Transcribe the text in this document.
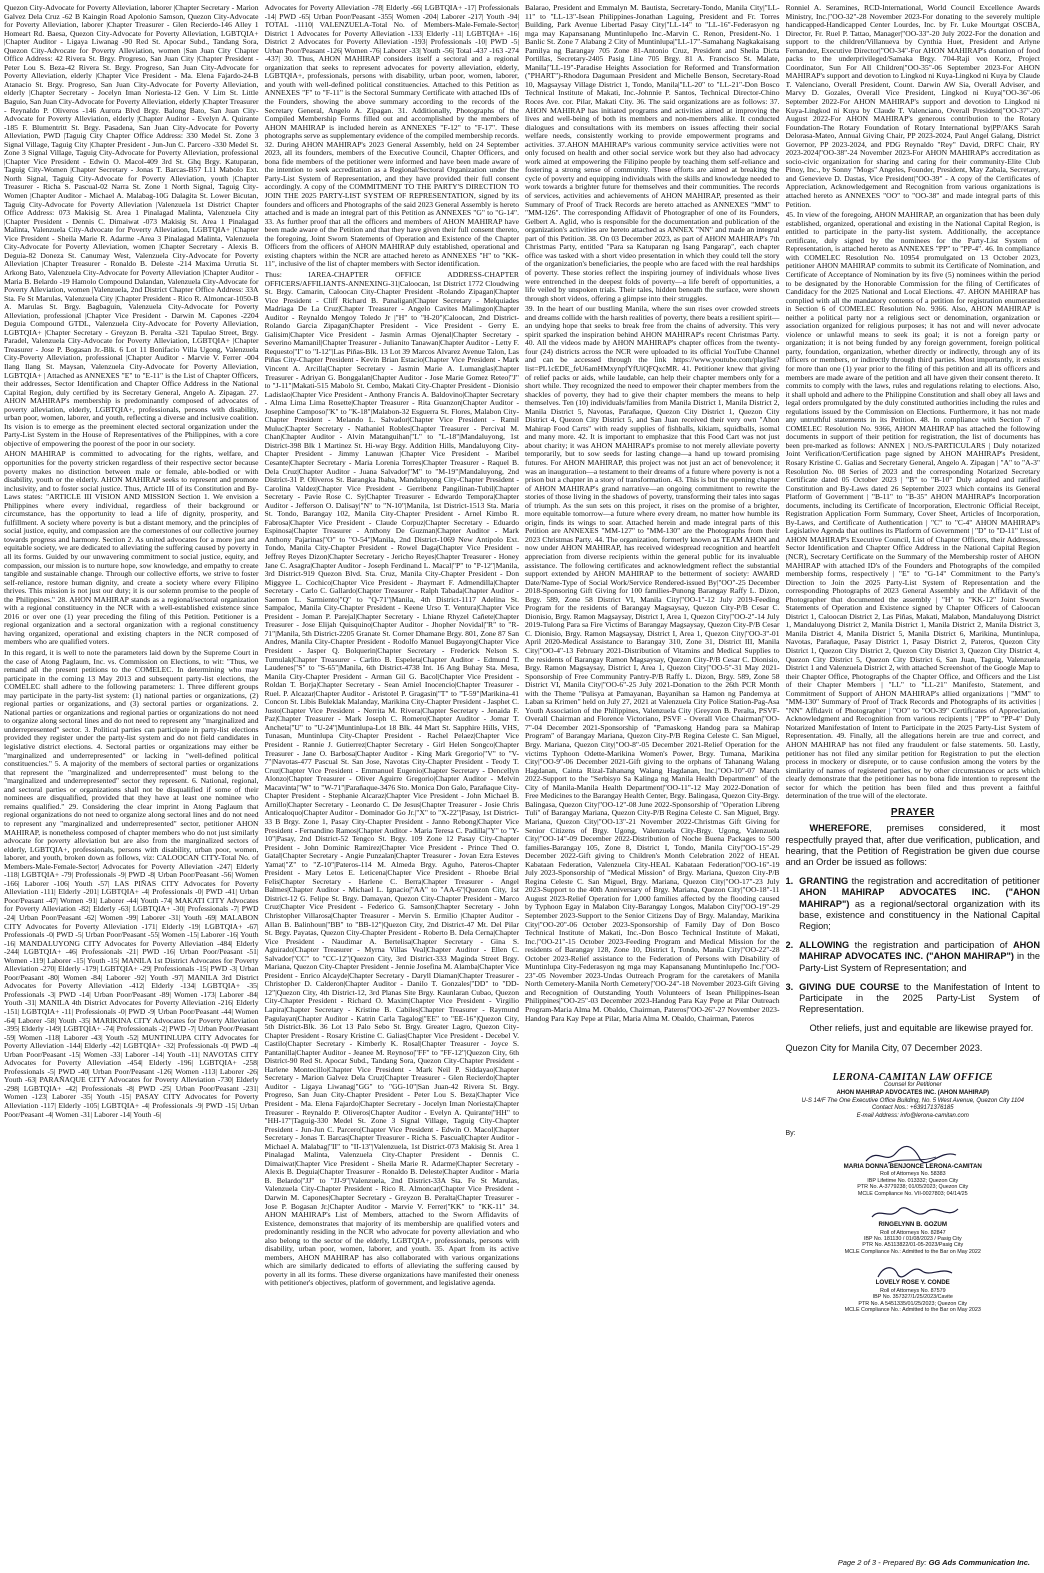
Quezon City-Advocate for Poverty Alleviation, laborer |Chapter Secretary - Marion Galvez Dela Cruz -62 B Kaingin Road Apolonio Samson, Quezon City-Advocate for Poverty Alleviation, laborer |Chapter Treasurer - Glen Recierdo-146 Alley 1 Homeart Rd. Baesa, Quezon City-Advocate for Poverty Alleviation, LGBTQIA+ |Chapter Auditor - Ligaya Liwanag -90 Red St. Apocar Subd., Tandang Sora, Quezon City-Advocate for Poverty Alleviation, women |San Juan City Chapter Office Address: 42 Rivera St. Brgy. Progreso, San Juan City |Chapter President - Peter Lou S. Beza-42 Rivera St. Brgy. Progreso, San Juan City-Advocate for Poverty Alleviation, elderly |Chapter Vice President - Ma. Elena Fajardo-24-B Atanacio St. Brgy. Progreso, San Juan City-Advocate for Poverty Alleviation, elderly |Chapter Secretary - Jocelyn Iman Noriesta-12 Gen. V Lim St. Little Baguio, San Juan City-Advocate for Poverty Alleviation, elderly |Chapter Treasurer - Reynaldo P. Oliveros -146 Aurora Blvd Brgy. Balong Bato, San Juan City-Advocate for Poverty Alleviation, elderly |Chapter Auditor - Evelyn A. Quirante -185 F. Blumentritt St. Brgy. Pasadena, San Juan City-Advocate for Poverty Alleviation, PWD |Taguig City Chapter Office Address: 330 Medel St. Zone 3 Signal Village, Taguig City |Chapter President - Jun-Jun C. Parcero -330 Medel St. Zone 3 Signal Village, Taguig City-Advocate for Poverty Alleviation, professional |Chapter Vice President - Edwin O. Macol-409 3rd St. Ghq Brgy. Katuparan, Taguig City-Women |Chapter Secretary - Jonas T. Barcas-B57 L11 Mabolo Ext. North Signal, Taguig City-Advocate for Poverty Alleviation, youth |Chapter Treasurer - Richa S. Pascual-02 Narra St. Zone 1 North Signal, Taguig City-Women |Chapter Auditor - Michael A. Malabag-10G Dalagita St. Lower Bicutan, Taguig City-Advocate for Poverty Alleviation |Valenzuela 1st District Chapter Office Address: 073 Makisig St. Area 1 Pinalagad Malinta, Valenzuela City |Chapter President - Dennis C. Dimaiwat -073 Makisig St. Area 1 Pinalagad Malinta, Valenzuela City-Advocate for Poverty Alleviation, LGBTQIA+ |Chapter Vice President - Sheila Marie R. Adarme -Area 3 Pinalagad Malinta, Valenzuela City-Advocate for Poverty Alleviation, women |Chapter Secretary - Alexis B. Deguia-82 Doneza St. Canumay West, Valenzuela City-Advocate for Poverty Alleviation |Chapter Treasurer - Ronaldo B. Deleste -214 Maxima Urrutia St. Arkong Bato, Valenzuela City-Advocate for Poverty Alleviation |Chapter Auditor - Maria B. Belardo -19 Hamolo Compound Dalandan, Valenzuela City-Advocate for Poverty Alleviation, women |Valenzuela, 2nd District Chapter Office Address: 33A Sta. Fe St Marulas, Valenzuela City |Chapter President - Rico R. Almoncar-1050-B A. Marulas St. Brgy. Bagbaguin, Valenzuela City-Advocate for Poverty Alleviation, professional |Chapter Vice President - Darwin M. Capones -2204 Deguia Compound GTDL, Valenzuela City-Advocate for Poverty Alleviation, LGBTQIA+ |Chapter Secretary - Greyzon B. Peralta -321 Tapulao Street, Brgy. Paradel, Valenzuela City-Advocate for Poverty Alleviation, LGBTQIA+ |Chapter Treasurer - Jose P. Bogasan Jr.-Blk. 6 Lot 11 Bonifacio Villa Ugong, Valenzuela City-Poverty Alleviation, professional |Chapter Auditor - Marvie V. Ferrer -004 Ilang Ilang St. Maysan, Valenzuela City-Advocate for Poverty Alleviation, LGBTQIA+ | Attached as ANNEXES "E" to "E-11" is the List of Chapter Officers, their addresses, Sector Identification and Chapter Office Address in the National Capital Region, duly certified by its Secretary General, Angelo A. Zipagan. 27. AHON MAHIRAP's membership is predominantly composed of advocates of poverty alleviation, elderly, LGBTQIA+, professionals, persons with disability, urban poor, women, laborer, and youth, reflecting a diverse and inclusive coalition. Its vision is to emerge as the preeminent elected sectoral organization under the Party-List System in the House of Representatives of the Philippines, with a core objective of empowering the poorest of the poor in our society.

AHON MAHIRAP is committed to advocating for the rights, welfare, and opportunities for the poverty stricken regardless of their respective sector because poverty makes no distinction between male or female, able-bodied or with disability, youth or the elderly. AHON MAHIRAP seeks to represent and promote inclusivity, and to foster social justice. Thus, Article III of its Constitution and By-Laws states: "ARTICLE III VISION AND MISSION Section 1. We envision a Philippines where every individual, regardless of their background or circumstance, has the opportunity to lead a life of dignity, prosperity, and fulfillment. A society where poverty is but a distant memory, and the principles of social justice, equity, and compassion are the cornerstones of our collective journey towards progress and harmony. Section 2. As united advocates for a more just and equitable society, we are dedicated to alleviating the suffering caused by poverty in all its forms. Guided by our unwavering commitment to social justice, equity, and compassion, our mission is to nurture hope, sow knowledge, and empathy to create tangible and sustainable change. Through our collective efforts, we strive to foster self-reliance, restore human dignity, and create a society where every Filipino thrives. This mission is not just our duty; it is our solemn promise to the people of the Philippines." 28. AHON MAHIRAP stands as a regional/sectoral organization with a regional constituency in the NCR with a well-established existence since 2016 or over one (1) year preceding the filing of this Petition. Petitioner is a regional organization and a sectoral organization with a regional constituency having organized, operational and existing chapters in the NCR composed of members who are qualified voters.

In this regard, it is well to note the parameters laid down by the Supreme Court in the case of Atong Paglaum, Inc. vs. Commission on Elections, to wit: "Thus, we remand all the present petitions to the COMELEC. In determining who may participate in the coming 13 May 2013 and subsequent party-list elections, the COMELEC shall adhere to the following parameters: 1. Three different groups may participate in the party-list system: (1) national parties or organizations, (2) regional parties or organizations, and (3) sectoral parties or organizations. 2. National parties or organizations and regional parties or organizations do not need to organize along sectoral lines and do not need to represent any "marginalized and underrepresented" sector. 3. Political parties can participate in party-list elections provided they register under the party-list system and do not field candidates in legislative district elections. 4. Sectoral parties or organizations may either be "marginalized and underrepresented" or lacking in "well-defined political constituencies." 5. A majority of the members of sectoral parties or organizations that represent the "marginalized and underrepresented" must belong to the "marginalized and underrepresented" sector they represent. 6. National, regional, and sectoral parties or organizations shall not be disqualified if some of their nominees are disqualified, provided that they have at least one nominee who remains qualified." 29. Considering the clear imprint in Atong Paglaum that regional organizations do not need to organize along sectoral lines and do not need to represent any "marginalized and underrepresented" sector, petitioner AHON MAHIRAP, is nonetheless composed of chapter members who do not just similarly advocate for poverty alleviation but are also from the marginalized sectors of elderly, LGBTQIA+, professionals, persons with disability, urban poor, women, laborer, and youth, broken down as follows, viz: CALOOCAN CITY-Total No. of Members-Male-Female-Sector| Advocates for Poverty Alleviation -247| Elderly -118| LGBTQIA+ -79| Professionals -9| PWD -8| Urban Poor/Peasant -56| Women -166| Laborer -106| Youth -57| LAS PIÑAS CITY Advocates for Poverty Alleviation -111| Elderly -201| LGBTQIA+ -4| Professionals -0| PWD -41| Urban Poor/Peasant -47| Women -91| Laborer -44| Youth -74| MAKATI CITY Advocates for Poverty Alleviation -82| Elderly -63| LGBTQIA+ -30| Professionals -7| PWD -24| Urban Poor/Peasant -62| Women -99| Laborer -31| Youth -69| MALABON CITY Advocates for Poverty Alleviation -171| Elderly -19| LGBTQIA+ -67| Professionals -0| PWD -5| Urban Poor/Peasant -55| Women -15| Laborer -16| Youth -16| MANDALUYONG CITY Advocates for Poverty Alleviation -484| Elderly -244| LGBTQIA+ -46| Professionals -21| PWD -16| Urban Poor/Peasant -51| Women -119| Laborer -15| Youth -15| MANILA 1st District Advocates for Poverty Alleviation -270| Elderly -179| LGBTQIA+ -29| Professionals -15| PWD -3| Urban Poor/Peasant -80| Women -84| Laborer -92| Youth -97| MANILA 3rd District Advocates for Poverty Alleviation -412| Elderly -134| LGBTQIA+ -35| Professionals -3| PWD -14| Urban Poor/Peasant -89| Women -173| Laborer -84| Youth -31| MANILA 4th District Advocates for Poverty Alleviation -216| Elderly -151| LGBTQIA+ -11| Professionals -0| PWD -9| Urban Poor/Peasant -44| Women -64| Laborer -58| Youth -35| MARIKINA CITY Advocates for Poverty Alleviation -395| Elderly -149| LGBTQIA+ -74| Professionals -2| PWD -7| Urban Poor/Peasant -59| Women -118| Laborer -43| Youth -52| MUNTINLUPA CITY Advocates for Poverty Alleviation -144| Elderly -42| LGBTQIA+ -32| Professionals -0| PWD -4| Urban Poor/Peasant -15| Women -33| Laborer -14| Youth -11| NAVOTAS CITY Advocates for Poverty Alleviation -454| Elderly -196| LGBTQIA+ -258| Professionals -5| PWD -40| Urban Poor/Peasant -126| Women -113| Laborer -26| Youth -63| PARAÑAQUE CITY Advocates for Poverty Alleviation -730| Elderly -298| LGBTQIA+ -42| Professionals -8| PWD -25| Urban Poor/Peasant -231| Women -123| Laborer -35| Youth -15| PASAY CITY Advocates for Poverty Alleviation -117| Elderly -105| LGBTQIA+ -4| Professionals -9| PWD -15| Urban Poor/Peasant -4| Women -31| Laborer -14| Youth -6|

Advocates for Poverty Alleviation -78| Elderly -66| LGBTQIA+ -17| Professionals -14| PWD -65| Urban Poor/Peasant -355| Women -204| Laborer -217| Youth -94| TOTAL -1110| VALENZUELA-Total No. of Members-Male-Female-Sector| District 1 Advocates for Poverty Alleviation -133| Elderly -11| LGBTQIA+ -16| District 2 Advocates for Poverty Alleviation -193| Professionals -10| PWD -5| Urban Poor/Peasant -126| Women -76| Laborer -33| Youth -56| Total -437 -163 -274 -437| 30. Thus, AHON MAHIRAP considers itself a sectoral and a regional organization that seeks to represent advocates for poverty alleviation, elderly, LGBTQIA+, professionals, persons with disability, urban poor, women, laborer, and youth with well-defined political constituencies. Attached to this Petition as ANNEXES "F" to "F-11" is the Sectoral Summary Certificate with attached IDs of the Founders, showing the above summary according to the records of the Secretary General, Angelo A. Zipagan. 31. Additionally, Photographs of the Compiled Membership Forms filled out and accomplished by the members of AHON MAHIRAP is included herein as ANNEXES "F-12" to "F-17". These photographs serve as supplementary evidence of the compiled membership records. 32. During AHON MAHIRAP's 2023 General Assembly, held on 24 September 2023, all its founders, members of the Executive Council, Chapter Officers, and bona fide members of the petitioner were informed and have been made aware of the intention to seek accreditation as a Regional/Sectoral Organization under the Party-List System of Representation, and they have provided their full consent accordingly. A copy of the COMMITMENT TO THE PARTY'S DIRECTION TO JOIN THE 2025 PARTY-LIST SYSTEM OF REPRESENTATION, signed by its founders and officers and Photographs of the said 2023 General Assembly is hereto attached and is made an integral part of this Petition as ANNEXES "G" to "G-14". 33. As further proof that all the officers and members of AHON MAHIRAP have been made aware of the Petition and that they have given their full consent thereto, the foregoing, Joint Sworn Statements of Operation and Existence of the Chapter Officers from the officers of AHON MAHIRAP duly established, operational and existing chapters within the NCR are attached hereto as ANNEXES "H" to "KK-11", inclusive of the list of chapter members with Sector identification.

Thus: IAREA-CHAPTER OFFICE ADDRESS-CHAPTER OFFICERS/AFFILIANTS-ANNEXING-31|Caloocan, 1st District 1772 Cloudwing St. Brgy. Camarin, Caloocan City-Chapter President -Rolando Zipagan|Chapter Vice President - Cliff Richard B. Panaligan|Chapter Secretary - Melquiades Madriaga De La Cruz|Chapter Treasurer - Angelo Cavites Malimgon|Chapter Auditor - Reynaldo Mengoy Toledo Jr |"H" to "H-20"|Caloocan, 2nd District-Rolando Garcia Zipagan|Chapter President - Vice President - Gerry E. Galisim|Chapter Vice President - Jasmin Armas Ojenal|Chapter Secretary - Severino Mamanil|Chapter Treasurer - Julianito Tanawan|Chapter Auditor - Letty F. Requesto|"I" to "I-12"|Las Piñas-Blk. 13 Lot 39 Marcos Alvarez Avenue Talon, Las Piñas City-Chapter President - Kevin Brian Estacio|Chapter Vice President - Mark Vincent A. Arcilla|Chapter Secretary - Jasmin Marie A. Lumanglas|Chapter Treasurer - Adriyan G. Bonggalan|Chapter Auditor - Jose Marie Gomez Reteo|"J" to "J-11"|Makati-515 Mabolo St. Cembo, Makati City-Chapter President - Dionisio Ladislao|Chapter Vice President - Anthony Francis A. Baldovino|Chapter Secretary - Alma Lima Lima Rosette|Chapter Treasurer - Rita Guanzon|Chapter Auditor - Josephine Camposo|"K" to "K-18"|Malabon-32 Esguerra St. Flores, Malabon City-Chapter President - Melando L. Salvador|Chapter Vice President - Ramil Muluc|Chapter Secretary - Nathaniel Robles|Chapter Treasurer - Percival M. Chan|Chapter Auditor - Alvin Matanguihan|"L" to "L-18"|Mandaluyong, 1st District-398 Blk 1 Martinez St. Hi-way Brgy. Addition Hills, Mandaluyong City-Chapter President - Jimmy Lanuwan |Chapter Vice President - Maribel Cesante|Chapter Secretary - Maria Lorenia Torres|Chapter Treasurer - Raquel B. Dela Cruz|Chapter Auditor - Juana Salvador|"M" to "M-19"|Mandaluyong, 2nd District-31 P. Oliveros St. Barangka Ibaba, Mandaluyong City-Chapter President - Carolina Valdez|Chapter Vice President - Gerribenz Pangilinan-Tubil|Chapter Secretary - Pavie Rose C. Sy|Chapter Treasurer - Edwardo Tempora|Chapter Auditor - Jefferson O. Dalisay|"N" to "N-10"|Manila, 1st District-1513 Sta. Maria St. Tondo, Barangay 102, Manila City-Chapter President - Arnel Kimbo R. Fabrosa|Chapter Vice President - Claude Corpuz|Chapter Secretary - Eduardo Espinosa|Chapter Treasurer - Anthony De Guzman|Chapter Auditor - Mark Anthony Pajarinas|"O" to "O-54"|Manila, 2nd District-1069 New Antipolo Ext. Tondo, Manila City-Chapter President - Rowel Daga|Chapter Vice President - Jeffrey Reyes Dizon|Chapter Secretary - Jericho Reyes|Chapter Treasurer - Honey Jane C. Asagra|Chapter Auditor - Joseph Ferdinand L. Macal|"P" to "P-12"|Manila, 3rd District-919 Quezon Blvd. Sta. Cruz, Manila City-Chapter President - Don Miggyee L. Cochico|Chapter Vice President - Jhaymart F. Admendilla|Chapter Secretary - Carlo C. Gallardo|Chapter Treasurer - Ralph Tabada|Chapter Auditor - Saemon L. Sarmiento|"Q" to "Q-71"|Manila, 4th District-1117 Adelina St. Sampaloc, Manila City-Chapter President - Keene Urso T. Ventura|Chapter Vice President - Joman P. Parejal|Chapter Secretary - Lhiane Rhyzel Cañete|Chapter Treasurer - Jose Elijah Quisquino|Chapter Auditor - Jhopher Novidal|"R" to "R-71"|Manila, 5th District-2205 Granate St. Corner Dhamane Brgy. 801, Zone 87 San Andres, Manila City-Chapter President - Rodolfo Manuel Bugayong|Chapter Vice President - Jasper Q. Bolquerin|Chapter Secretary - Frederick Nelson S. Tumulak|Chapter Treasurer - Carlito B. Espeleta|Chapter Auditor - Edmund T. Laudenes|"S" to "S-65"|Manila, 6th District-4738 Int. 16 Ang Buhay Sta. Mesa, Manila City-Chapter President - Arman Gil G. Bacol|Chapter Vice President - Roldan T. Borja|Chapter Secretary - Sean Amiel Inocencio|Chapter Treasurer - Ruel. P. Alcazar|Chapter Auditor - Aristotel P. Gragasin|"T" to "T-59"|Marikina-41 Concon St. Libis Buleklak Malanday, Marikina City-Chapter President - Jasphet C. Justo|Chapter Vice President - Nerrita M. Rivera|Chapter Secretary - Jenaida F. Paz|Chapter Treasurer - Mark Joseph C. Romero|Chapter Auditor - Jomar T. Ancheta|"U" to "U-24"|Muntinlupa-Lot 18 Blk. 44 Mart St. Sapphire Hills, VHS, Tunasan, Muntinlupa City-Chapter President - Rachel Pelaez|Chapter Vice President - Rannie J. Gutierrez|Chapter Secretary - Girl Helen Songco|Chapter Treasurer - Jane O. Barbosa|Chapter Auditor - King Mark Gregorio|"V" to "V-7"|Navotas-477 Pascual St. San Jose, Navotas City-Chapter President - Teody T. Cruz|Chapter Vice President - Emmanuel Eugenio|Chapter Secretary - Dencellyn Alonzo|Chapter Treasurer - Oliver Aguirre Gregorio|Chapter Auditor - Melvin Macavinta|"W" to "W-71"|Parañaque-3476 Sto. Monica Don Galo, Parañaque City-Chapter President - Stephanie Alcaraz|Chapter Vice President - John Michael B. Arnillo|Chapter Secretary - Leonardo C. De Jesus|Chapter Treasurer - Josie Chris Anticaloquo|Chapter Auditor - Dominador Go Jr.|"X" to "X-22"|Pasay, 1st District-33 B Brgy. Zone 1, Pasay City-Chapter President - Janno Rebong|Chapter Vice President - Fernandino Ramos|Chapter Auditor - Maria Teresa C. Padilla|"Y" to "Y-10"|Pasay, 2nd District-52 Tengco St. Brgy. 109 Zone 12 Pasay City-Chapter President - John Dominic Ramirez|Chapter Vice President - Prince Thed O. Gatal|Chapter Secretary - Angie Punzalan|Chapter Treasurer - Jovan Ezra Esteves Yamat|"Z" to "Z-10"|Pateros-114 M. Almeda Brgy. Aguho, Pateros-Chapter President - Mary Letos E. Leticena|Chapter Vice President - Rhoebe Brial Felis|Chapter Secretary - Harlene C. Berra|Chapter Treasurer - Angel Balmes|Chapter Auditor - Michael L. Ignacio|"AA" to "AA-6"|Quezon City, 1st District-12 G. Felipe St. Brgy. Damayan, Quezon City-Chapter President - Marco Cruz|Chapter Vice President - Federico G. Samson|Chapter Secretary - John Christopher Villarosa|Chapter Treasurer - Mervin S. Ermilio |Chapter Auditor - Allan B. Balinhoun|"BB" to "BB-12"|Quezon City, 2nd District-47 Mt. Del Pilar St. Brgy. Payatas, Quezon City-Chapter President - Roberto B. Dela Cerna|Chapter Vice President - Naudimar A. Bertelisa|Chapter Secretary - Gina S. Aguirado|Chapter Treasurer - Myrna Villas Veal|Chapter Auditor - Ellen C. Salvador|"CC" to "CC-12"|Quezon City, 3rd District-333 Maginda Street Brgy. Mariana, Quezon City-Chapter President - Jennie Josefina M. Alamba|Chapter Vice President - Enrico Alcayde|Chapter Secretary - Daryll Diaman|Chapter Treasurer - Christopher D. Calderon|Chapter Auditor - Danilo T. Gonzales|"DD" to "DD-12"|Quezon City, 4th District-12, 3rd Planas Site Brgy. Kaunlaran Cubao, Quezon City-Chapter President - Richard O. Maxim|Chapter Vice President - Virgilio Lapira|Chapter Secretary - Kristine B. Cabiles|Chapter Treasurer - Raymund Pagulayan|Chapter Auditor - Katrin Carla Tagalog|"EE" to "EE-16"|Quezon City, 5th District-Blk. 36 Lot 13 Palo Sebo St. Brgy. Greater Lagro, Quezon City-Chapter President - Rosary Kristine C. Galias|Chapter Vice President - Decebel V. Castilo|Chapter Secretary - Kimberly K. Rosal|Chapter Treasurer - Joyce S. Pantanilla|Chapter Auditor - Jeanee M. Reynoso|"FF" to "FF-12"|Quezon City, 6th District-90 Red St. Apocar Subd., Tandang Sora, Quezon City-Chapter President - Harlene Montecillo|Chapter Vice President - Mark Neil P. Siddayao|Chapter Secretary - Marion Galvez Dela Cruz|Chapter Treasurer - Glen Recierdo|Chapter Auditor - Ligaya Liwanag|"GG" to "GG-10"|San Juan-42 Rivera St. Brgy. Progreso, San Juan City-Chapter President - Peter Lou S. Beza|Chapter Vice President - Ma. Elena Fajardo|Chapter Secretary - Jocelyn Iman Noriesta|Chapter Treasurer - Reynaldo P. Oliveros|Chapter Auditor - Evelyn A. Quirante|"HH" to "HH-17"|Taguig-330 Medel St. Zone 3 Signal Village, Taguig City-Chapter President - Jun-Jun C. Parcero|Chapter Vice President - Edwin O. Macol|Chapter Secretary - Jonas T. Barcas|Chapter Treasurer - Richa S. Pascual|Chapter Auditor - Michael A. Malabag|"II" to "II-13"|Valenzuela, 1st District-073 Makisig St. Area 1 Pinalagad Malinta, Valenzuela City-Chapter President - Dennis C. Dimaiwat|Chapter Vice President - Sheila Marie R. Adarme|Chapter Secretary - Alexis B. Deguia|Chapter Treasurer - Ronaldo B. Deleste|Chapter Auditor - Maria B. Belardo|"JJ" to "JJ-9"|Valenzuela, 2nd District-33A Sta. Fe St Marulas, Valenzuela City-Chapter President - Rico R. Almoncar|Chapter Vice President - Darwin M. Capones|Chapter Secretary - Greyzon B. Peralta|Chapter Treasurer - Jose P. Bogasan Jr.|Chapter Auditor - Marvie V. Ferrer|"KK" to "KK-11" 34. AHON MAHIRAP's List of Members, attached to the Sworn Affidavits of Existence, demonstrates that majority of its membership are qualified voters and predominantly residing in the NCR who advocate for poverty alleviation and who also belong to the sector of the elderly, LGBTQIA+, professionals, persons with disability, urban poor, women, laborer, and youth. 35. Apart from its active members, AHON MAHIRAP has also collaborated with various organizations which are similarly dedicated to efforts of alleviating the suffering caused by poverty in all its forms. These diverse organizations have manifested their oneness with petitioner's objectives, platform of government, and legislative agenda.

Balarao, President and Emmalyn M. Bautista, Secretary-Tondo, Manila City|"LL-11" to "LL-13"-Isean Philippines-Jonathan Laguing, President and Fr. Torres Building, Park Avenue Libertad Pasay City|"LL-14" to "LL-16"-Federasyon ng mga may Kapansanang Muntinlupeño Inc.-Marvin C. Renon, President-No. 1 Banlic St. Zone 7 Alabang 2 City of Muntinlupa|"LL-17"-Samahang Nagkakaisang Pamilya ng Barangay 705 Zone 81-Antonio Cruz, President and Sheila Dicta Portillas, Secretary-2405 Pasig Line 705 Brgy. 81 A. Francisco St. Malate, Manila|"LL-19"-Paradise Heights Association for Reformed and Transformation ("PHART")-Rhodora Dagumaan President and Michelle Benson, Secretary-Road 10, Magsaysay Village District 1, Tondo, Manila|"LL-20" to "LL-21"-Don Bosco Technical Institute of Makati, Inc.-Johnnie P. Santos, Technical Director-Chino Roces Ave. cor. Pilar, Makati City. 36. The said organizations are as follows: 37. AHON MAHIRAP has initiated programs and activities aimed at improving the lives and well-being of both its members and non-members alike. It conducted dialogues and consultations with its members on issues affecting their social welfare needs, consistently working to provide empowerment programs and activities. 37.AHON MAHIRAP's various community service activities were not only focused on health and other social service work but they also had advocacy work aimed at empowering the Filipino people by teaching them self-reliance and fostering a strong sense of community. These efforts are aimed at breaking the cycle of poverty and equipping individuals with the skills and knowledge needed to work towards a brighter future for themselves and their communities. The records of services, activities and achievements of AHON MAHIRAP, presented as their Summary of Proof of Track Records are hereto attached as ANNEXES "MM" to "MM-126". The corresponding Affidavit of Photographer of one of its Founders, Gelbert A. Aglid, who is responsible for the documentation and publication of the organization's activities are hereto attached as ANNEX "NN" and made an integral part of this Petition. 38. On 03 December 2023, as part of AHON MAHIRAP's 7th Christmas Party, entitled "Para sa Katuparan ng Isang Pangarap", each chapter office was tasked with a short video presentation in which they could tell the story of the organization's beneficiaries, the people who are faced with the real hardships of poverty. These stories reflect the inspiring journey of individuals whose lives were entrenched in the deepest folds of poverty—a life bereft of opportunities, a life veiled by unspoken trials. Their tales, hidden beneath the surface, were shown through short videos, offering a glimpse into their struggles.

39. In the heart of our bustling Manila, where the sun rises over crowded streets and dreams collide with the harsh realities of poverty, there beats a resilient spirit—an undying hope that seeks to break free from the chains of adversity. This very spirit sparked the inspiration behind AHON MAHIRAP's recent Christmas Party. 40. All the videos made by AHON MAHIRAP's chapter offices from the twenty-four (24) districts across the NCR were uploaded to its official YouTube Channel and can be accessed through the link https://www.youtube.com/playlist?list=PL1cEDE_feU6amHMxynpfYfUiQFQxcMR. 41. Petitioner knew that giving of relief packs or aids, while laudable, can help their chapter members only for a short while. They recognized the need to empower their chapter members from the shackles of poverty, they had to give their chapter members the means to help themselves. Ten (10) individuals/families from Manila District 1, Manila District 2, Manila District 5, Navotas, Parañaque, Quezon City District 1, Quezon City District 4, Quezon City District 5, and San Juan received their very own "Ahon Mahirap Food Carts" with ready supplies of fishballs, kikiam, squidballs, isomal and many more. 42. It is important to emphasize that this Food Cart was not just about charity; it was AHON MAHIRAP's promise to not merely alleviate poverty temporarily, but to sow seeds for lasting change—a hand up toward promising futures. For AHON MAHIRAP, this project was not just an act of benevolence; it was an inauguration—a testament to their dreams of a future where poverty is not a prison but a chapter in a story of transformation. 43. This is but the opening chapter of AHON MAHIRAP's grand narrative—an ongoing commitment to rewrite the stories of those living in the shadows of poverty, transforming their tales into sagas of triumph. As the sun sets on this project, it rises on the promise of a brighter, more equitable tomorrow—a future where every dream, no matter how humble its origin, finds its wings to soar. Attached herein and made integral parts of this Petition are ANNEXES "MM-127" to "MM-130" are the Photographs from their 2023 Christmas Party. 44. The organization, formerly known as TEAM AHON and now under AHON MAHIRAP, has received widespread recognition and heartfelt appreciation from diverse recipients within the general public for its invaluable assistance. The following certificates and acknowledgment reflect the substantial support extended by AHON MAHIRAP to the betterment of society: AWARD Date/Name-Type of Social Work/Service Rendered-issued By|"OO"-25 December 2018-Sponsoring Gift Giving for 100 families-Punong Barangay Raffy L. Dizon, Brgy. 589, Zone 58 District VI, Manila City|"OO-1"-12 July 2019-Feeding Program for the residents of Barangay Magsaysay, Quezon City-P/B Cesar C. Dionisio, Brgy. Ramon Magsaysay, District I, Area 1, Quezon City|"OO-2"-14 July 2019-Tulong Para sa Fire Victims of Barangay Magsaysay, Quezon City-P/B Cesar C. Dionisio, Brgy. Ramon Magsaysay, District I, Area 1, Quezon City|"OO-3"-01 April 2020-Medical Assistance to Barangay 310, Zone 31, District III, Manila City|"OO-4"-13 February 2021-Distribution of Vitamins and Medical Supplies to the residents of Barangay Ramon Magsaysay, Quezon City-P/B Cesar C. Dionisio, Brgy. Ramon Magsaysay, District I, Area 1, Quezon City|"OO-5"-31 May 2021-Sponsorship of Free Community Pantry-P/B Raffy L. Dizon, Brgy. 589, Zone 58 District VI, Manila City|"OO-6"-25 July 2021-Donation to the 26th PCR Month with the Theme "Pulisya at Pamayanan, Bayanihan sa Hamon ng Pandemya at Laban sa Krimen" held on July 27, 2021 at Valenzuela City Police Station-Pag-Asa Youth Association of the Philippines, Valenzuela City |Greyzon B. Peralta, PSVF-Overall Chairman and Florence Victoriano, PSVF - Overall Vice Chairman|"OO-7"-04 December 2021-Sponsorship of "Pamaskong Handog para sa Mahirap Program" of Barangay Mariana, Quezon City-P/B Regina Celeste C. San Miguel, Brgy. Mariana, Quezon City|"OO-8"-05 December 2021-Relief Operation for the victims Typhoon Odette-Marikina Women's Power, Brgy. Tumana, Marikina City|"OO-9"-06 December 2021-Gift giving to the orphans of Tahanang Walang Hagdanan, Cainta Rizal-Tahanang Walang Hagdanan, Inc.|"OO-10"-07 March 2022-Support to the "Serbisyo Sa Kalinga ng Manila Health Department" of the City of Manila-Manila Health Department|"OO-11"-12 May 2022-Donation of Free Medicines to the Barangay Health Center, Brgy. Balingasa, Quezon City-Brgy. Balingasa, Quezon City|"OO-12"-08 June 2022-Sponsorship of "Operation Libreng Tuli" of Barangay Mariana, Quezon City-P/B Regina Celeste C. San Miguel, Brgy. Mariana, Quezon City|"OO-13"-21 November 2022-Christmas Gift Giving for Senior Citizens of Brgy. Ugong, Valenzuela City-Brgy. Ugong, Valenzuela City|"OO-14"-09 December 2022-Distribution of Noche Buena Packages to 500 families-Barangay 105, Zone 8, District I, Tondo, Manila City|"OO-15"-29 December 2022-Gift giving to Children's Month Celebration 2022 of HEAL Kabataan Federation, Valenzuela City-HEAL Kabataan Federation|"OO-16"-19 July 2023-Sponsorship of "Medical Mission" of Brgy. Mariana, Quezon City-P/B Regina Celeste C. San Miguel, Brgy. Mariana, Quezon City|"OO-17"-23 July 2023-Support to the 40th Anniversary of Brgy. Mariana, Quezon City|"OO-18"-11 August 2023-Relief Operation for 1,000 families affected by the flooding caused by Typhoon Egay in Malabon City-Barangay Longos, Malabon City|"OO-19"-29 September 2023-Support to the Senior Citizens Day of Brgy. Malanday, Marikina City|"OO-20"-06 October 2023-Sponsorship of Family Day of Don Bosco Technical Institute of Makati, Inc.-Don Bosco Technical Institute of Makati, Inc.|"OO-21"-15 October 2023-Feeding Program and Medical Mission for the residents of Barangay 128, Zone 10, District I, Tondo, Manila City|"OO-22"-28 October 2023-Relief assistance to the Federation of Persons with Disability of Muntinlupa City-Federasyon ng mga may Kapansanang Muntinlupeño Inc.|"OO-23"-05 November 2023-Undas Outreach Program for the caretakers of Manila North Cemetery-Manila North Cemetery|"OO-24"-18 November 2023-Gift Giving and Recognition of Outstanding Youth Volunteers of Isean Philippines-Isean Philippines|"OO-25"-03 December 2023-Handog Para Kay Pepe at Pilar Outreach Program-Maria Alma M. Obaldo, Chairman, Pateros|"OO-26"-27 November 2023-Handog Para Kay Pepe at Pilar, Maria Alma M. Obaldo, Chairman, Pateros

Ronniel A. Seramines, RCD-International, World Council Excellence Awards Ministry, Inc.|"OO-32"-28 November 2023-For donating to the severely multiple handicapped-Handicapped Center Lourdes, Inc. by Fr. Luke Mourtgat OSCBA, Director, Fr. Ruel P. Tattao, Manager|"OO-33"-20 July 2022-For the donation and support to the children/Villanueva by Cynthia Huet, President and Arlyne Fernandez, Executive Director|"OO-34"-For AHON MAHIRAP's donation of food packs to the underprivileged/Samaka Brgy. 704-Raji von Korz, Project Coordinator, Sun For All Children|"OO-35"-06 September 2023-For AHON MAHIRAP's support and devotion to Lingkod ni Kuya-Lingkod ni Kuya by Claude T. Valenciano, Overall President, Count. Darwin AW Sia, Overall Adviser, and Marvy D. Gozales, Overall Vice President, Lingkod ni Kuya|"OO-36"-06 September 2022-For AHON MAHIRAP's support and devotion to Lingkod ni Kuya-Lingkod ni Kuya by Claude T. Valenciano, Overall President|"OO-37"-20 August 2022-For AHON MAHIRAP's generous contribution to the Rotary Foundation-The Rotary Foundation of Rotary International by|PP/AKS Sarah Delorasa-Mateo, Annual Giving Chair, PP 2023-2024, Paul Angel Galang, District Governor, PP 2023-2024, and PDG Reynaldo "Rey" David, DRFC Chair, RY 2023-2024|"OO-38"-24 November 2023-For AHON MAHIRAP's accreditation as socio-civic organization for sharing and caring for their community-Elite Club Pinoy, Inc., by Sonny "Mogs" Angeles, Founder, President, May Zabala, Secretary, and Genevieve D. Dastas, Vice President|"OO-39" - A copy of the Certificates of Appreciation, Acknowledgement and Recognition from various organizations is attached hereto as ANNEXES "OO" to "OO-38" and made integral parts of this Petition.

45. In view of the foregoing, AHON MAHIRAP, an organization that has been duly established, organized, operational and existing in the National Capital Region, is entitled to participate in the party-list system. Additionally, the acceptance certificate, duly signed by the nominees for the Party-List System of Representation, is attached hereto as ANNEXES "PP" to "PP-4". 46. In compliance with COMELEC Resolution No. 10954 promulgated on 13 October 2023, petitioner AHON MAHIRAP commits to submit its Certificate of Nomination, and Certificate of Acceptance of Nomination by its five (5) nominees within the period to be designated by the Honorable Commission for the filing of Certificates of Candidacy for the 2025 National and Local Elections. 47. AHON MAHIRAP has complied with all the mandatory contents of a petition for registration enumerated in Section 6 of COMELEC Resolution No. 9366. Also, AHON MAHIRAP is neither a political party nor a religious sect or denomination, organization or association organized for religious purposes; it has not and will never advocate violence or unlawful means to seek its goal; it is not a foreign party or organization; it is not being funded by any foreign government, foreign political party, foundation, organization, whether directly or indirectly, through any of its officers or members, or indirectly through third parties. Most importantly, it exists for more than one (1) year prior to the filing of this petition and all its officers and members are made aware of the petition and all have given their consent thereto. It commits to comply with the laws, rules and regulations relating to elections. Also, it shall uphold and adhere to the Philippine Constitution and shall obey all laws and legal orders promulgated by the duly constituted authorities including the rules and regulations issued by the Commission on Elections. Furthermore, it has not made any untruthful statements in its Petition. 48. In compliance with Section 7 of COMELEC Resolution No. 9366, AHON MAHIRAP has attached the following documents in support of their petition for registration, the list of documents has been pre-marked as follows: ANNEX | NO./S-PARTICULARS | Duly notarized Joint Verification/Certification page signed by AHON MAHIRAP's President, Rosary Kristine C. Galias and Secretary General, Angelo A. Zipagan | "A" to "A-3" Resolution No. 08 Series of 2023 and the corresponding Notarized Secretary Certificate dated 05 October 2023 | "B" to "B-10" Duly adopted and ratified Constitution and By-Laws dated 26 September 2023 which contains its General Platform of Government | "B-11" to "B-35" AHON MAHIRAP's Incorporation documents, including its Certificate of Incorporation, Electronic Official Receipt, Registration Application Form Summary, Cover Sheet, Articles of Incorporation, By-Laws, and Certificate of Authentication | "C" to "C-4" AHON MAHIRAP's Legislative Agenda that outlines its Platform of Government | "D" to "D-11" List of AHON MAHIRAP's Executive Council, List of Chapter Officers, their Addresses, Sector Identification and Chapter Office Address in the National Capital Region (NCR), Secretary Certificate on the Summary of the Membership roster of AHON MAHIRAP with attached ID's of the Founders and Photographs of the compiled membership forms, respectively | "E" to "G-14" Commitment to the Party's Direction to Join the 2025 Party-List System of Representation and the corresponding Photographs of 2023 General Assembly and the Affidavit of the Photographer that documented the assembly | "H" to "KK-12" Joint Sworn Statements of Operation and Existence signed by Chapter Officers of Caloocan District 1, Caloocan District 2, Las Piñas, Makati, Malabon, Mandaluyong District 1, Mandaluyong District 2, Manila District 1, Manila District 2, Manila District 3, Manila District 4, Manila District 5, Manila District 6, Marikina, Muntinlupa, Navotas, Parañaque, Pasay District 1, Pasay District 2, Pateros, Quezon City District 1, Quezon City District 2, Quezon City District 3, Quezon City District 4, Quezon City District 5, Quezon City District 6, San Juan, Taguig, Valenzuela District 1 and Valenzuela District 2, with attached Screenshot of the Google Map to their Chapter Office, Photographs of the Chapter Office, and Officers and the List of their Chapter Members | "LL" to "LL-21" Manifesto, Statement, and Commitment of Support of AHON MAHIRAP's allied organizations | "MM" to "MM-130" Summary of Proof of Track Records and Photographs of its activities | "NN" Affidavit of Photographer | "OO" to "OO-39" Certificates of Appreciation, Acknowledgment and Recognition from various recipients | "PP" to "PP-4" Duly Notarized Manifestation of Intent to Participate in the 2025 Party-List System of Representation. 49. Finally, all the allegations herein are true and correct, and AHON MAHIRAP has not filed any fraudulent or false statements. 50. Lastly, petitioner has not filed any similar petition for Registration to put the election process in mockery or disrepute, or to cause confusion among the voters by the similarity of names of registered parties, or by other circumstances or acts which clearly demonstrate that the petitioner has no bona fide intention to represent the sector for which the petition has been filed and thus prevent a faithful determination of the true will of the electorate.

PRAYER

WHEREFORE, premises considered, it most respectfully prayed that, after due verification, publication, and hearing, that the Petition of Registration be given due course and an Order be issued as follows:

1. GRANTING the registration and accreditation of petitioner AHON MAHIRAP ADVOCATES INC. ("AHON MAHIRAP") as a regional/sectoral organization with its base, existence and constituency in the National Capital Region;
2. ALLOWING the registration and participation of AHON MAHIRAP ADVOCATES INC. ("AHON MAHIRAP") in the Party-List System of Representation; and
3. GIVING DUE COURSE to the Manifestation of Intent to Participate in the 2025 Party-List System of Representation.

Other reliefs, just and equitable are likewise prayed for.

Quezon City for Manila City, 07 December 2023.

LERONA-CAMITAN LAW OFFICE
Counsel for Petitioner
AHON MAHIRAP ADVOCATES INC. (AHON MAHIRAP)
U-S 14/F The One Executive Office Building, No. 5 West Avenue, Quezon City 1104
Contact Nos.: +639171376185
E-mail Address: info@lerona-camitan.com
By:
MARIA DONNA BENJONCE LERONA-CAMITAN
Roll of Attorneys No. 58383
IBP Lifetime No. 013332; Quezon City
PTR No. A-3779238; 01/05/2023; Quezon City
MCLE Compliance No. VII-0027803; 04/14/25
RINGELYNN B. GOZUM
Roll of Attorneys No. 82847
IBP No. 181130 / 01/08/2023 / Pasig City
PTR No. A5113822/01-05-2023/Pasig City
MCLE Compliance No.: Admitted to the Bar on May 2022
LOVELY ROSE Y. CONDE
Roll of Attorneys No. 87579
IBP No. 357327/1/25/2023/Cavite
PTR No. A 5451335/01/25/2023; Quezon City
MCLE Compliance No.: Admitted to the Bar on May 2023
Page 2 of 3 - Prepared By: GG Ads Communication Inc.
